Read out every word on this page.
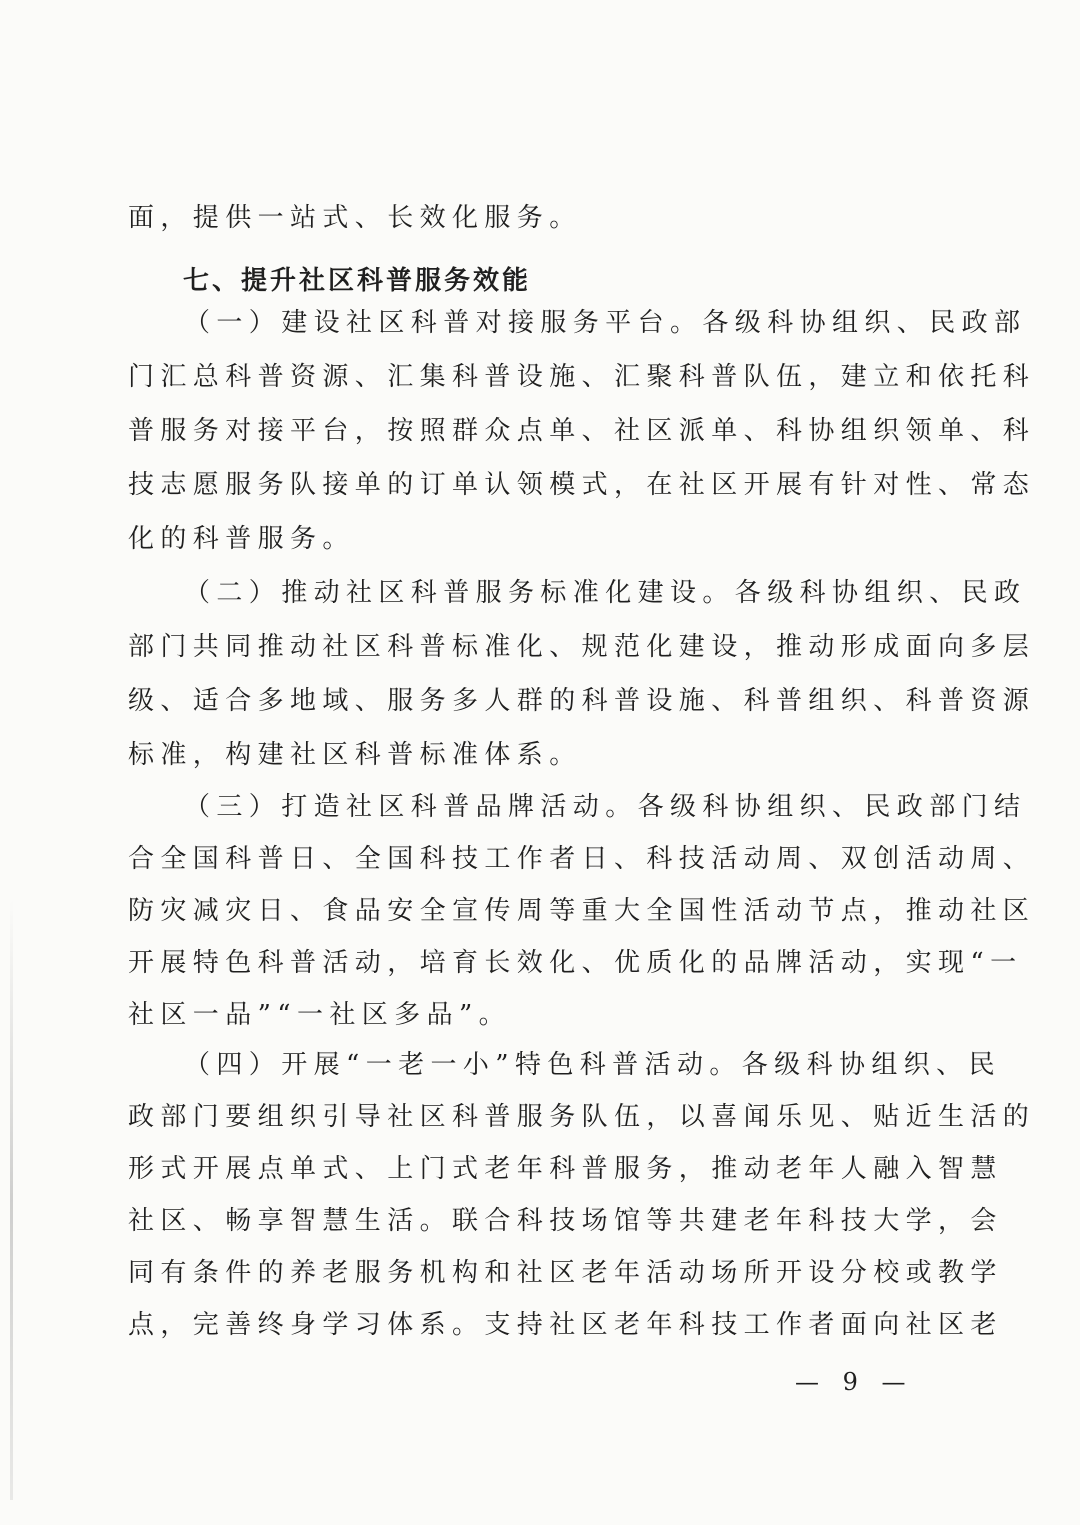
面，提供一站式、长效化服务。
七、提升社区科普服务效能
（一）建设社区科普对接服务平台。各级科协组织、民政部
门汇总科普资源、汇集科普设施、汇聚科普队伍，建立和依托科
普服务对接平台，按照群众点单、社区派单、科协组织领单、科
技志愿服务队接单的订单认领模式，在社区开展有针对性、常态
化的科普服务。
（二）推动社区科普服务标准化建设。各级科协组织、民政
部门共同推动社区科普标准化、规范化建设，推动形成面向多层
级、适合多地域、服务多人群的科普设施、科普组织、科普资源
标准，构建社区科普标准体系。
（三）打造社区科普品牌活动。各级科协组织、民政部门结
合全国科普日、全国科技工作者日、科技活动周、双创活动周、
防灾减灾日、食品安全宣传周等重大全国性活动节点，推动社区
开展特色科普活动，培育长效化、优质化的品牌活动，实现“一
社区一品”“一社区多品”。
（四）开展“一老一小”特色科普活动。各级科协组织、民
政部门要组织引导社区科普服务队伍，以喜闻乐见、贴近生活的
形式开展点单式、上门式老年科普服务，推动老年人融入智慧
社区、畅享智慧生活。联合科技场馆等共建老年科技大学，会
同有条件的养老服务机构和社区老年活动场所开设分校或教学
点，完善终身学习体系。支持社区老年科技工作者面向社区老
— 9 —
